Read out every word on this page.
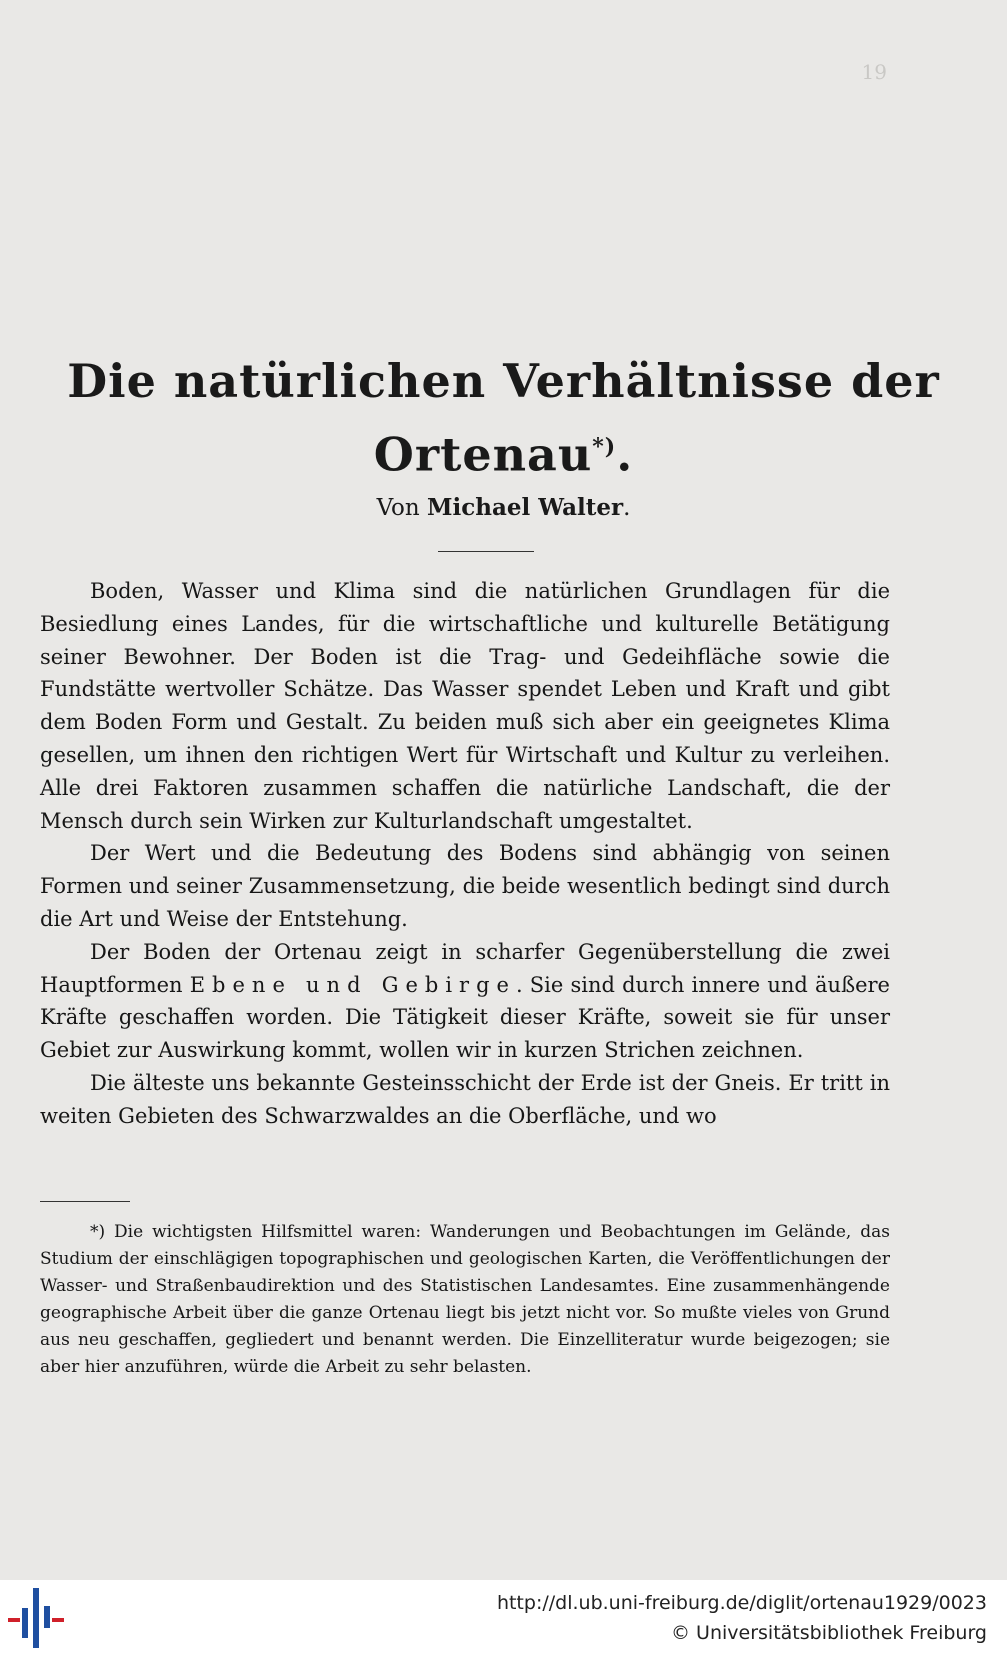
19
Die natürlichen Verhältnisse der
Ortenau*).
Von Michael Walter.

Boden, Wasser und Klima sind die natürlichen Grundlagen für die Besiedlung eines Landes, für die wirtschaftliche und kulturelle Betätigung seiner Bewohner. Der Boden ist die Trag- und Gedeihfläche sowie die Fundstätte wertvoller Schätze. Das Wasser spendet Leben und Kraft und gibt dem Boden Form und Gestalt. Zu beiden muß sich aber ein geeignetes Klima gesellen, um ihnen den richtigen Wert für Wirtschaft und Kultur zu verleihen. Alle drei Faktoren zusammen schaffen die natürliche Landschaft, die der Mensch durch sein Wirken zur Kulturlandschaft umgestaltet.

Der Wert und die Bedeutung des Bodens sind abhängig von seinen Formen und seiner Zusammensetzung, die beide wesentlich bedingt sind durch die Art und Weise der Entstehung.

Der Boden der Ortenau zeigt in scharfer Gegenüberstellung die zwei Hauptformen Ebene und Gebirge. Sie sind durch innere und äußere Kräfte geschaffen worden. Die Tätigkeit dieser Kräfte, soweit sie für unser Gebiet zur Auswirkung kommt, wollen wir in kurzen Strichen zeichnen.

Die älteste uns bekannte Gesteinsschicht der Erde ist der Gneis. Er tritt in weiten Gebieten des Schwarzwaldes an die Oberfläche, und wo

*) Die wichtigsten Hilfsmittel waren: Wanderungen und Beobachtungen im Gelände, das Studium der einschlägigen topographischen und geologischen Karten, die Veröffentlichungen der Wasser- und Straßenbaudirektion und des Statistischen Landesamtes. Eine zusammenhängende geographische Arbeit über die ganze Ortenau liegt bis jetzt nicht vor. So mußte vieles von Grund aus neu geschaffen, gegliedert und benannt werden. Die Einzelliteratur wurde beigezogen; sie aber hier anzuführen, würde die Arbeit zu sehr belasten.
http://dl.ub.uni-freiburg.de/diglit/ortenau1929/0023
© Universitätsbibliothek Freiburg
